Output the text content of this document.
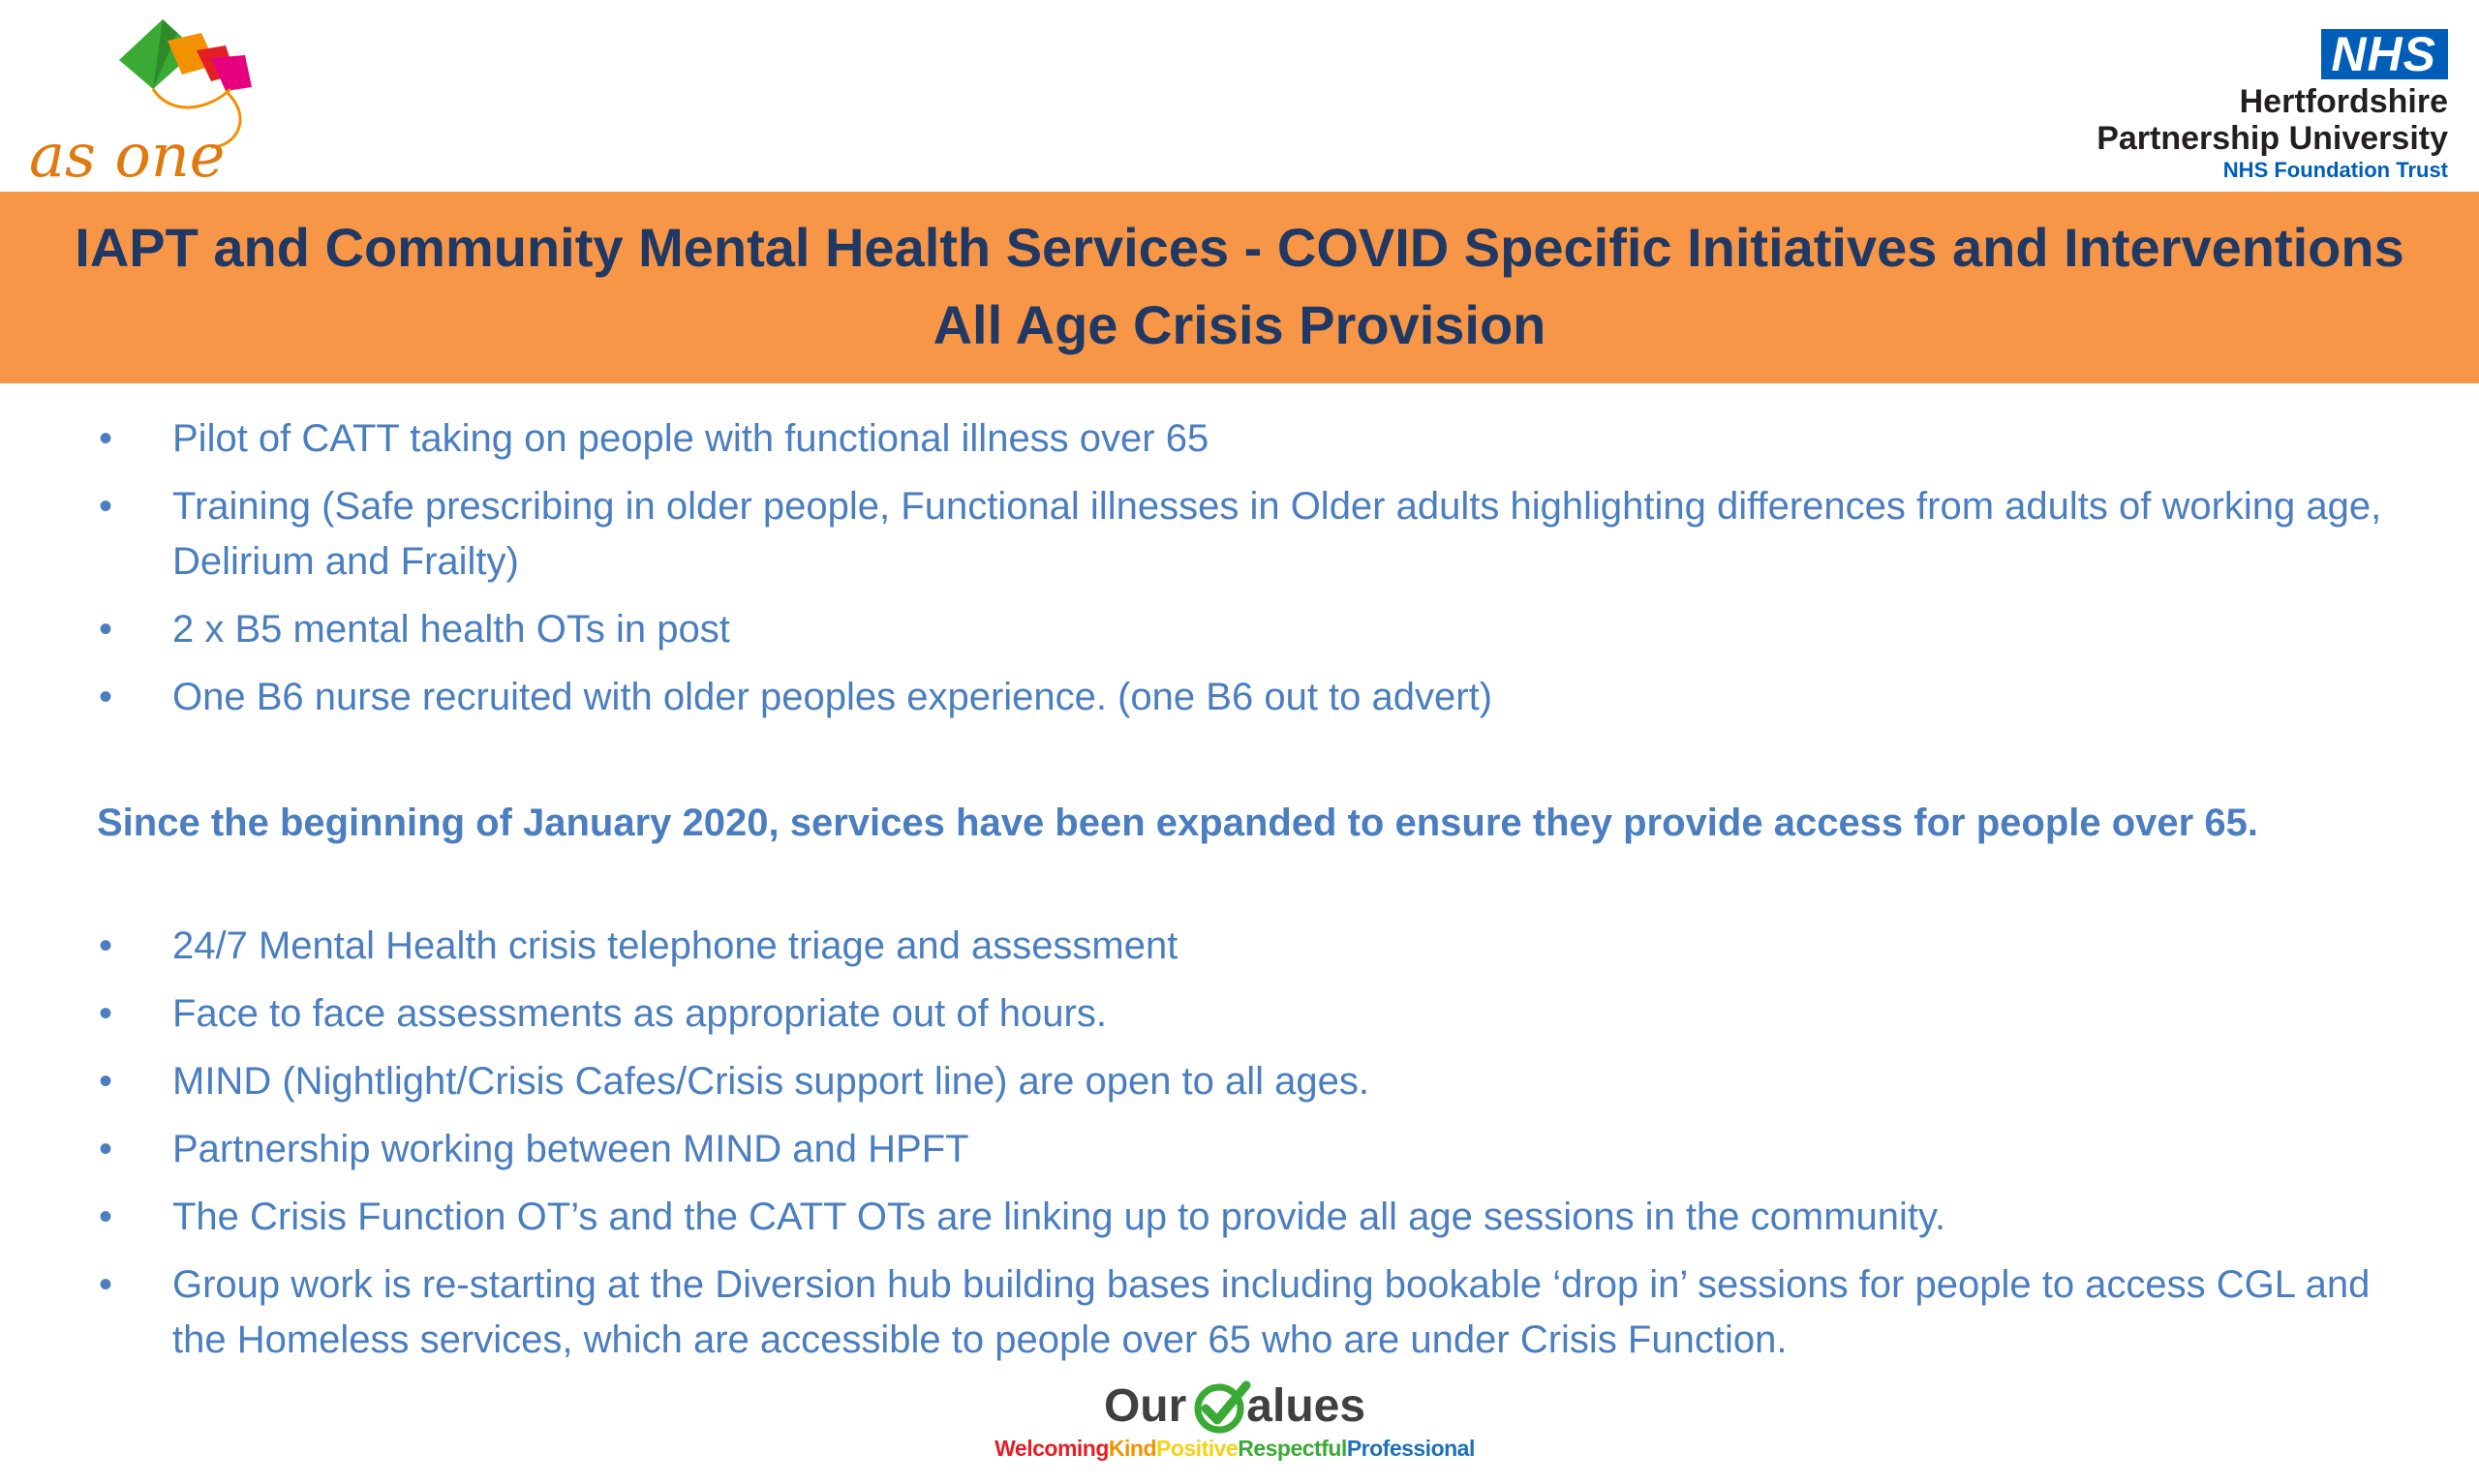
as one
NHS
Hertfordshire
Partnership University
NHS Foundation Trust
IAPT and Community Mental Health Services - COVID Specific Initiatives and Interventions
All Age Crisis Provision
• Pilot of CATT taking on people with functional illness over 65
• Training (Safe prescribing in older people, Functional illnesses in Older adults highlighting differences from adults of working age, Delirium and Frailty)
• 2 x B5 mental health OTs in post
• One B6 nurse recruited with older peoples experience. (one B6 out to advert)

Since the beginning of January 2020, services have been expanded to ensure they provide access for people over 65.

• 24/7 Mental Health crisis telephone triage and assessment
• Face to face assessments as appropriate out of hours.
• MIND (Nightlight/Crisis Cafes/Crisis support line) are open to all ages.
• Partnership working between MIND and HPFT
• The Crisis Function OT’s and the CATT OTs are linking up to provide all age sessions in the community.
• Group work is re-starting at the Diversion hub building bases including bookable ‘drop in’ sessions for people to access CGL and the Homeless services, which are accessible to people over 65 who are under Crisis Function.
Our alues
WelcomingKindPositiveRespectfulProfessional
